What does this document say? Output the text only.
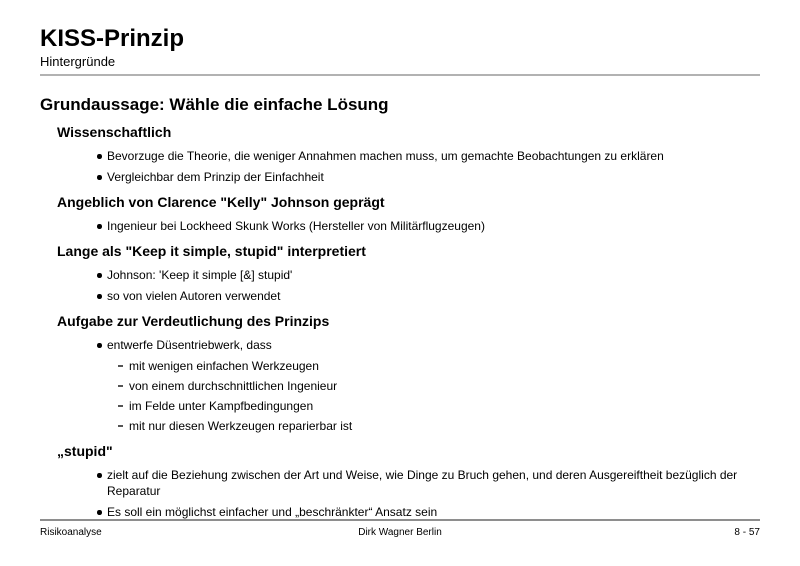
KISS-Prinzip
Hintergründe
Grundaussage: Wähle die einfache Lösung
Wissenschaftlich
Bevorzuge die Theorie, die weniger Annahmen machen muss, um gemachte Beobachtungen zu erklären
Vergleichbar dem Prinzip der Einfachheit
Angeblich von Clarence "Kelly" Johnson geprägt
Ingenieur bei Lockheed Skunk Works (Hersteller von Militärflugzeugen)
Lange als "Keep it simple, stupid" interpretiert
Johnson: 'Keep it simple [&] stupid'
so von vielen Autoren verwendet
Aufgabe zur Verdeutlichung des Prinzips
entwerfe Düsentriebwerk, dass
mit wenigen einfachen Werkzeugen
von einem durchschnittlichen Ingenieur
im Felde unter Kampfbedingungen
mit nur diesen Werkzeugen reparierbar ist
„stupid"
zielt auf die Beziehung zwischen der Art und Weise, wie Dinge zu Bruch gehen, und deren Ausgereiftheit bezüglich der Reparatur
Es soll ein möglichst einfacher und „beschränkter“ Ansatz sein
Dirk Wagner Berlin
Risikoanalyse	8 - 57
